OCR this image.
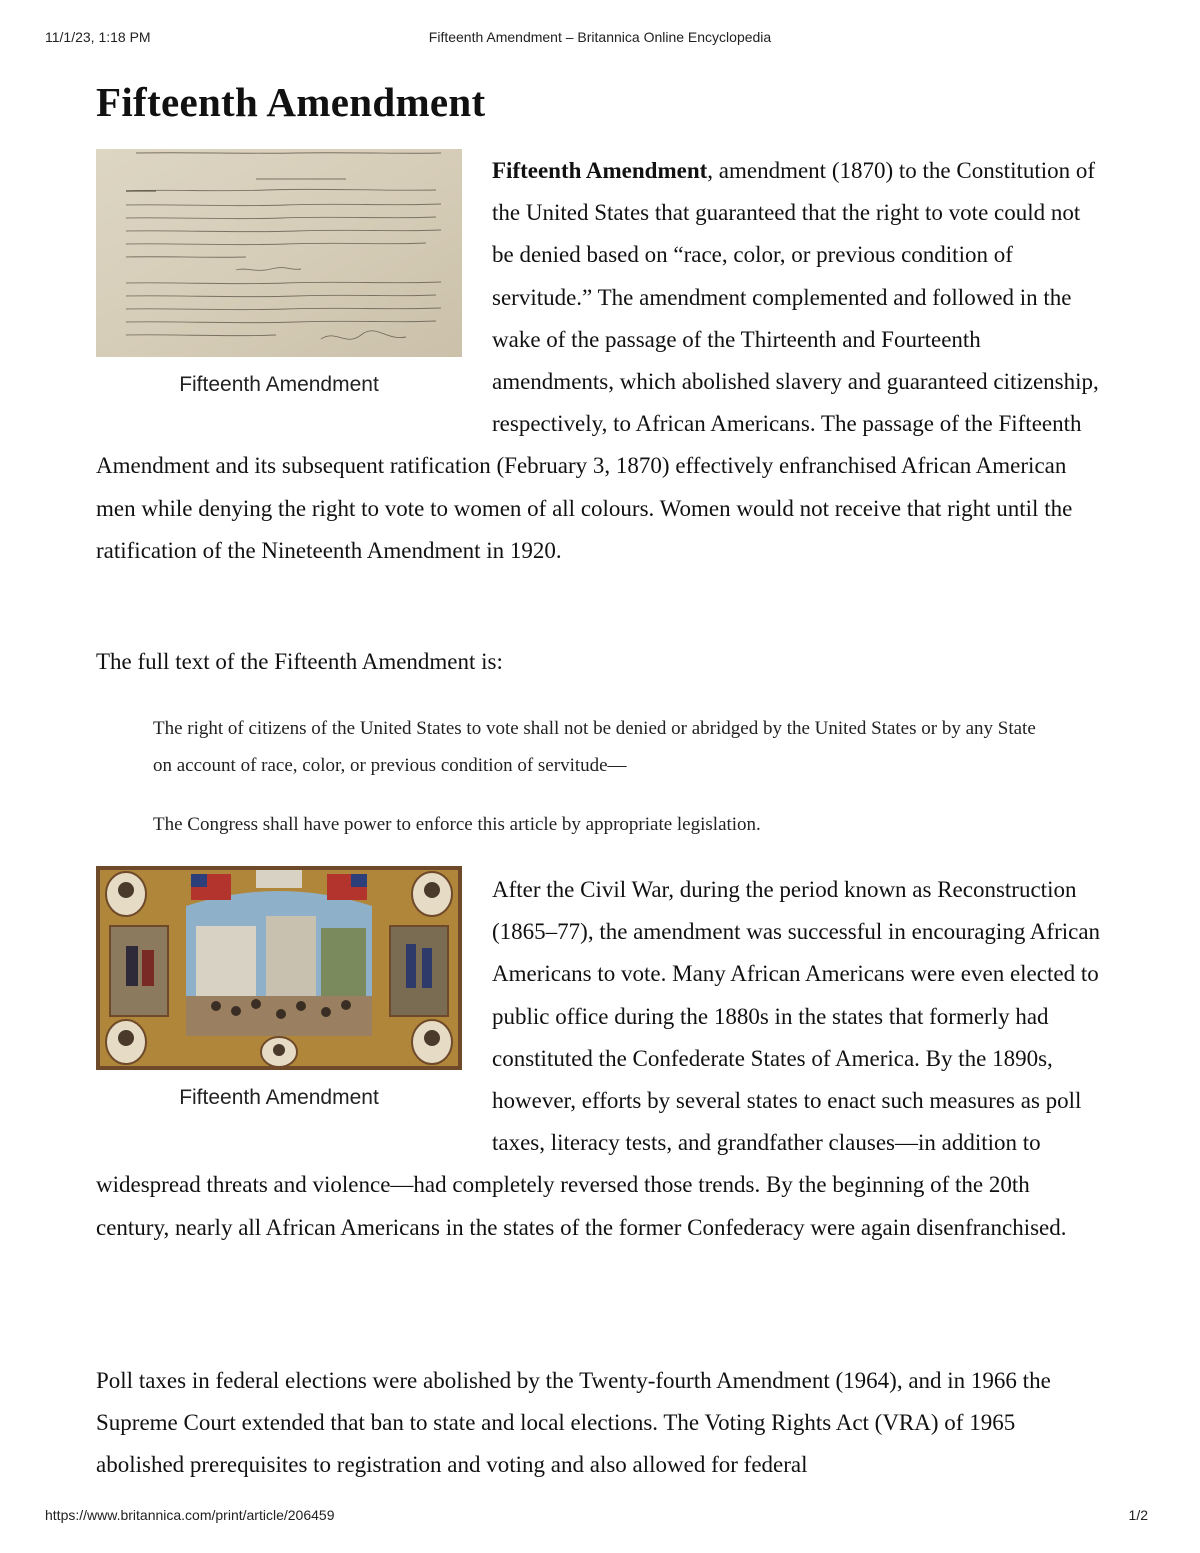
11/1/23, 1:18 PM	Fifteenth Amendment – Britannica Online Encyclopedia
Fifteenth Amendment
Fifteenth Amendment

Fifteenth Amendment, amendment (1870) to the Constitution of the United States that guaranteed that the right to vote could not be denied based on “race, color, or previous condition of servitude.” The amendment complemented and followed in the wake of the passage of the Thirteenth and Fourteenth amendments, which abolished slavery and guaranteed citizenship, respectively, to African Americans. The passage of the Fifteenth Amendment and its subsequent ratification (February 3, 1870) effectively enfranchised African American men while denying the right to vote to women of all colours. Women would not receive that right until the ratification of the Nineteenth Amendment in 1920.

The full text of the Fifteenth Amendment is:

The right of citizens of the United States to vote shall not be denied or abridged by the United States or by any State on account of race, color, or previous condition of servitude—

The Congress shall have power to enforce this article by appropriate legislation.

Fifteenth Amendment

After the Civil War, during the period known as Reconstruction (1865–77), the amendment was successful in encouraging African Americans to vote. Many African Americans were even elected to public office during the 1880s in the states that formerly had constituted the Confederate States of America. By the 1890s, however, efforts by several states to enact such measures as poll taxes, literacy tests, and grandfather clauses—in addition to widespread threats and violence—had completely reversed those trends. By the beginning of the 20th century, nearly all African Americans in the states of the former Confederacy were again disenfranchised.

Poll taxes in federal elections were abolished by the Twenty-fourth Amendment (1964), and in 1966 the Supreme Court extended that ban to state and local elections. The Voting Rights Act (VRA) of 1965 abolished prerequisites to registration and voting and also allowed for federal

https://www.britannica.com/print/article/206459	1/2
